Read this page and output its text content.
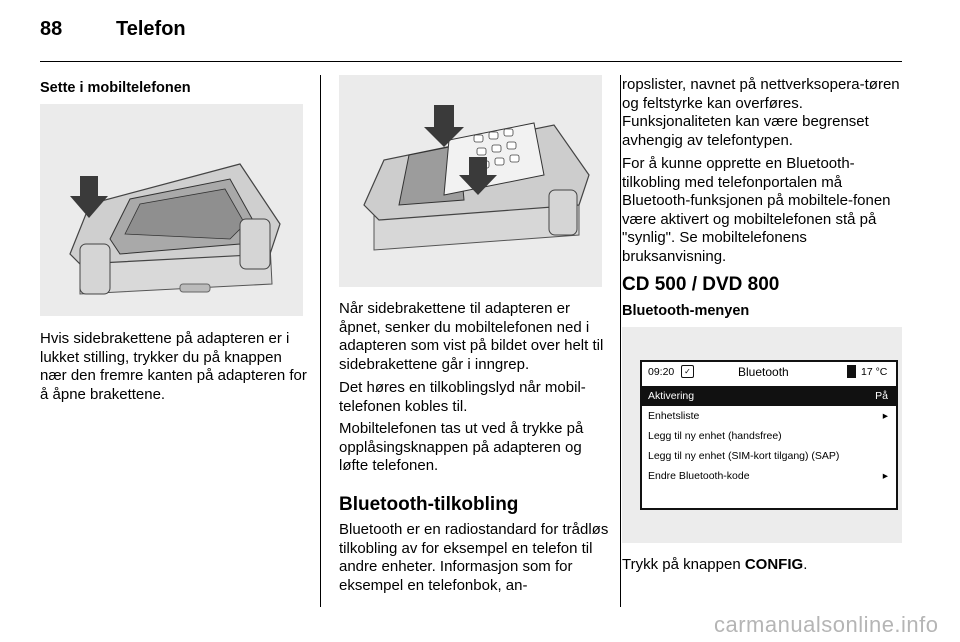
88	Telefon
Sette i mobiltelefonen

Hvis sidebrakettene på adapteren er i lukket stilling, trykker du på knappen nær den fremre kanten på adapteren for å åpne brakettene.

Når sidebrakettene til adapteren er åpnet, senker du mobiltelefonen ned i adapteren som vist på bildet over helt til sidebrakettene går i inngrep.

Det høres en tilkoblingslyd når mobil-telefonen kobles til.

Mobiltelefonen tas ut ved å trykke på opplåsingsknappen på adapteren og løfte telefonen.

Bluetooth-tilkobling

Bluetooth er en radiostandard for trådløs tilkobling av for eksempel en telefon til andre enheter. Informasjon som for eksempel en telefonbok, an-

ropslister, navnet på nettverksopera-tøren og feltstyrke kan overføres. Funksjonaliteten kan være begrenset avhengig av telefontypen.

For å kunne opprette en Bluetooth-tilkobling med telefonportalen må Bluetooth-funksjonen på mobiltele-fonen være aktivert og mobiltelefonen stå på "synlig". Se mobiltelefonens bruksanvisning.

CD 500 / DVD 800
Bluetooth-menyen
09:20	✓	Bluetooth	17 °C
Aktivering	På
Enhetsliste	▸
Legg til ny enhet (handsfree)
Legg til ny enhet (SIM-kort tilgang) (SAP)
Endre Bluetooth-kode	▸

Trykk på knappen CONFIG.

carmanualsonline.info
